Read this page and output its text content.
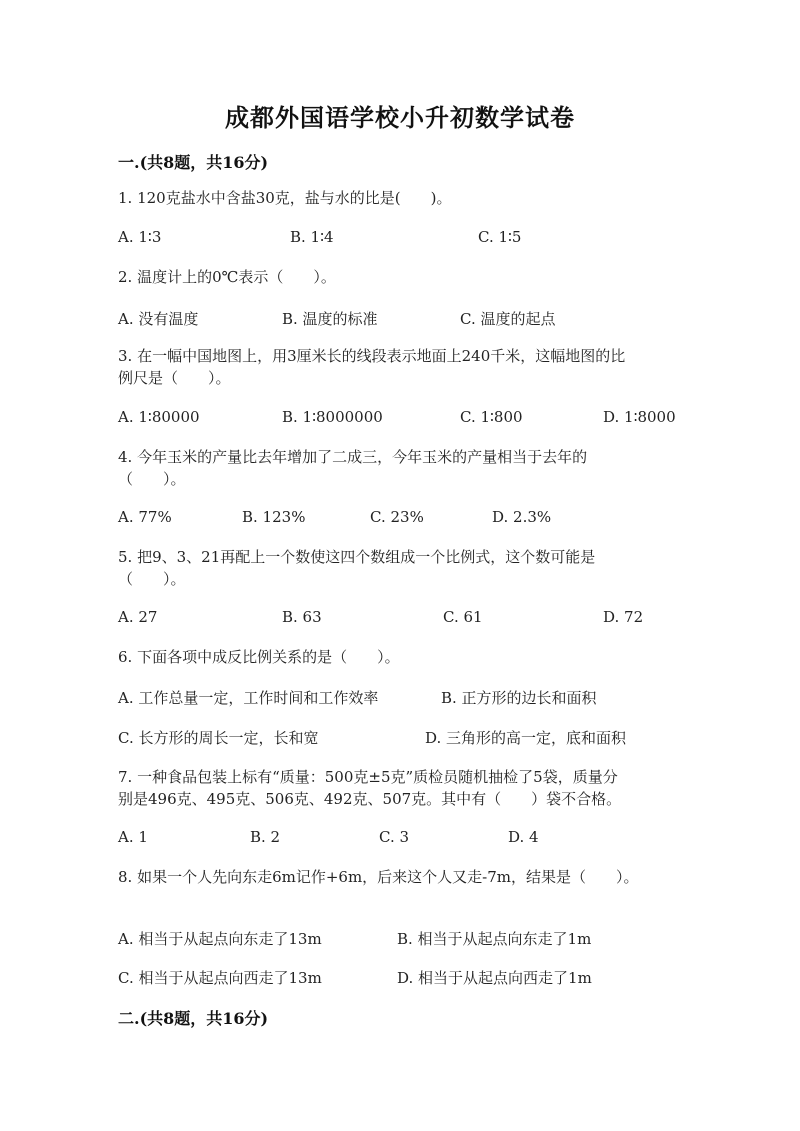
成都外国语学校小升初数学试卷
一.(共8题，共16分)
1. 120克盐水中含盐30克，盐与水的比是(　　)。
A. 1∶3	B. 1∶4	C. 1∶5
2. 温度计上的0℃表示（　　）。
A. 没有温度	B. 温度的标准	C. 温度的起点
3. 在一幅中国地图上，用3厘米长的线段表示地面上240千米，这幅地图的比
例尺是（　　）。
A. 1∶80000	B. 1∶8000000	C. 1∶800	D. 1∶8000
4. 今年玉米的产量比去年增加了二成三，今年玉米的产量相当于去年的
（　　）。
A. 77%	B. 123%	C. 23%	D. 2.3%
5. 把9、3、21再配上一个数使这四个数组成一个比例式，这个数可能是
（　　）。
A. 27	B. 63	C. 61	D. 72
6. 下面各项中成反比例关系的是（　　）。
A. 工作总量一定，工作时间和工作效率	B. 正方形的边长和面积
C. 长方形的周长一定，长和宽	D. 三角形的高一定，底和面积
7. 一种食品包装上标有“质量：500克±5克”质检员随机抽检了5袋，质量分
别是496克、495克、506克、492克、507克。其中有（　　）袋不合格。
A. 1	B. 2	C. 3	D. 4
8. 如果一个人先向东走6m记作+6m，后来这个人又走-7m，结果是（　　）。
A. 相当于从起点向东走了13m	B. 相当于从起点向东走了1m
C. 相当于从起点向西走了13m	D. 相当于从起点向西走了1m
二.(共8题，共16分)
